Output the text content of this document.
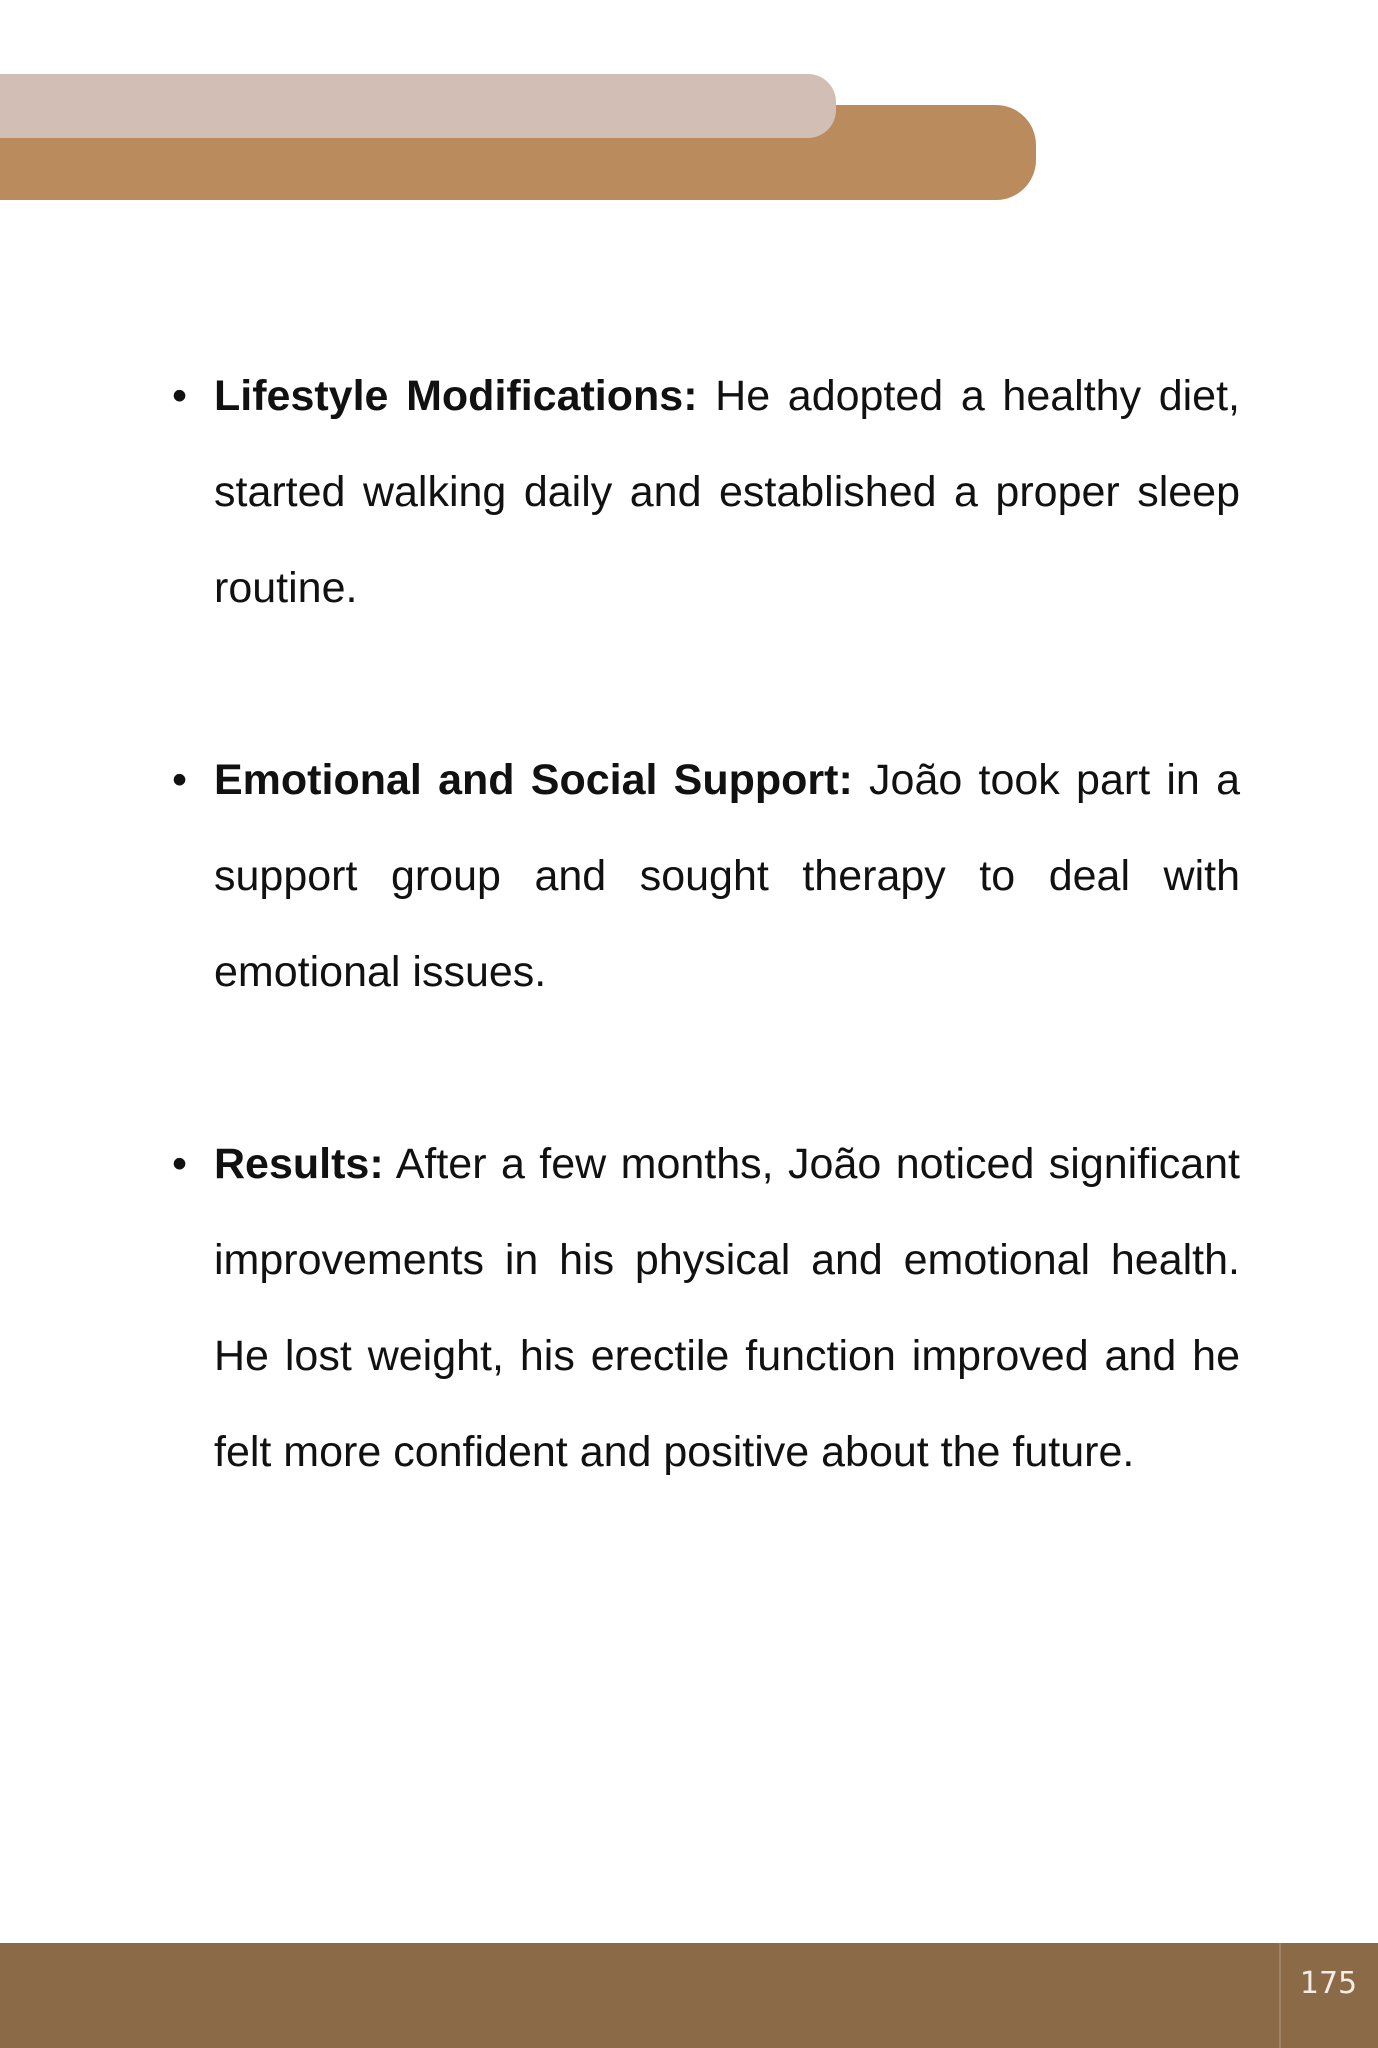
• Lifestyle Modifications: He adopted a healthy diet, started walking daily and established a proper sleep routine.

• Emotional and Social Support: João took part in a support group and sought therapy to deal with emotional issues.

• Results: After a few months, João noticed significant improvements in his physical and emotional health. He lost weight, his erectile function improved and he felt more confident and positive about the future.

175
